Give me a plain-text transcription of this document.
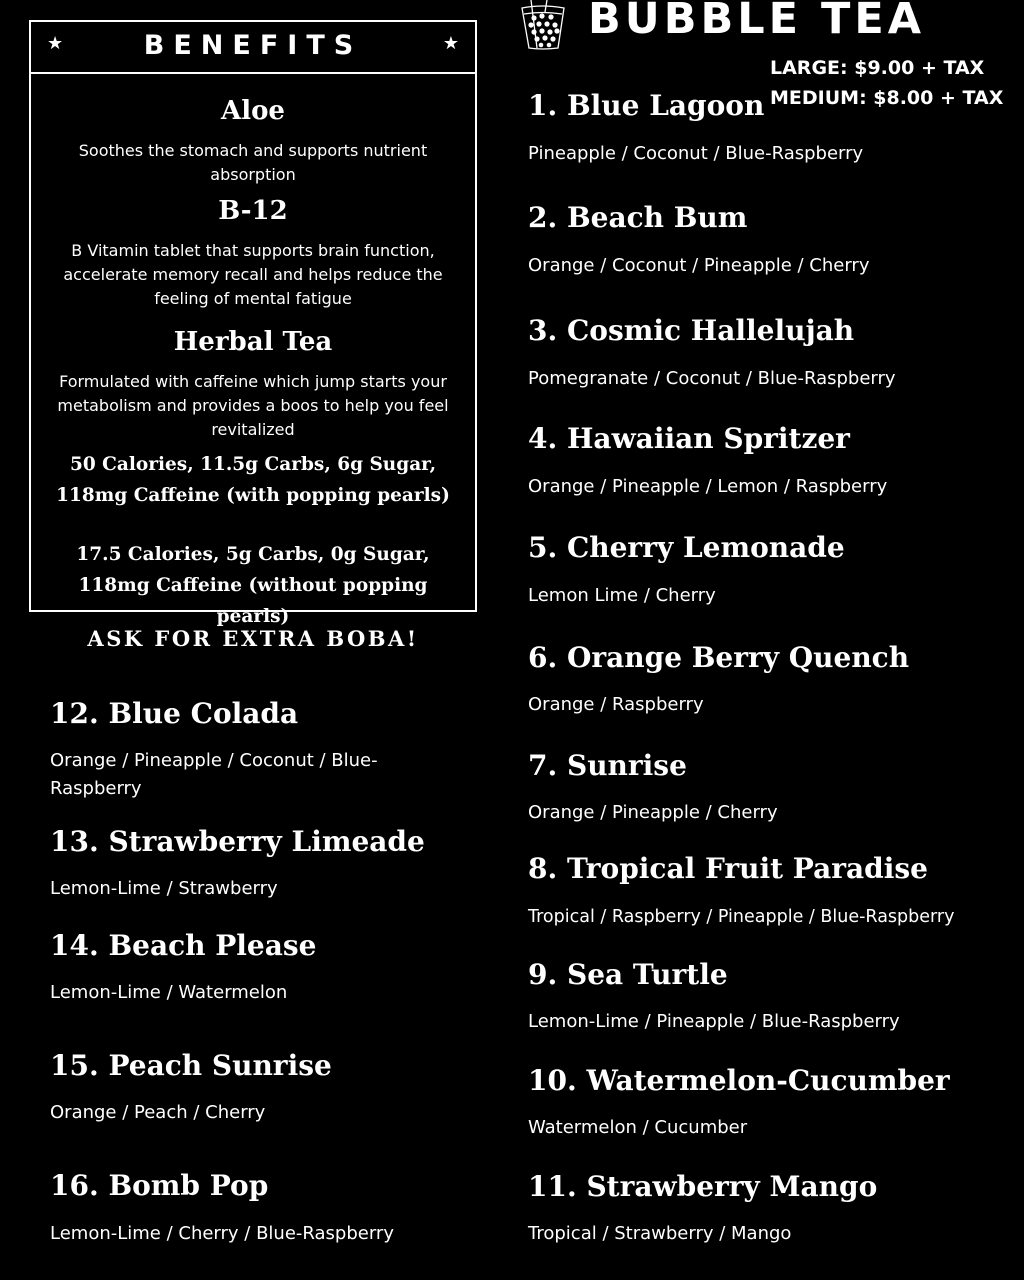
★	BENEFITS	★
Aloe
Soothes the stomach and supports nutrient absorption
B-12
B Vitamin tablet that supports brain function, accelerate memory recall and helps reduce the feeling of mental fatigue
Herbal Tea
Formulated with caffeine which jump starts your metabolism and provides a boos to help you feel revitalized
50 Calories, 11.5g Carbs, 6g Sugar, 118mg Caffeine (with popping pearls)
17.5 Calories, 5g Carbs, 0g Sugar, 118mg Caffeine (without popping pearls)
ASK FOR EXTRA BOBA!
BUBBLE TEA
LARGE: $9.00 + TAX
MEDIUM: $8.00 + TAX
1. Blue Lagoon
Pineapple / Coconut / Blue-Raspberry
2. Beach Bum
Orange / Coconut / Pineapple / Cherry
3. Cosmic Hallelujah
Pomegranate / Coconut / Blue-Raspberry
4. Hawaiian Spritzer
Orange / Pineapple / Lemon / Raspberry
5. Cherry Lemonade
Lemon Lime / Cherry
6. Orange Berry Quench
Orange / Raspberry
7. Sunrise
Orange / Pineapple / Cherry
8. Tropical Fruit Paradise
Tropical / Raspberry / Pineapple / Blue-Raspberry
9. Sea Turtle
Lemon-Lime / Pineapple / Blue-Raspberry
10. Watermelon-Cucumber
Watermelon / Cucumber
11. Strawberry Mango
Tropical / Strawberry / Mango
12. Blue Colada
Orange / Pineapple / Coconut / Blue-Raspberry
13. Strawberry Limeade
Lemon-Lime / Strawberry
14. Beach Please
Lemon-Lime / Watermelon
15. Peach Sunrise
Orange / Peach / Cherry
16. Bomb Pop
Lemon-Lime / Cherry / Blue-Raspberry
